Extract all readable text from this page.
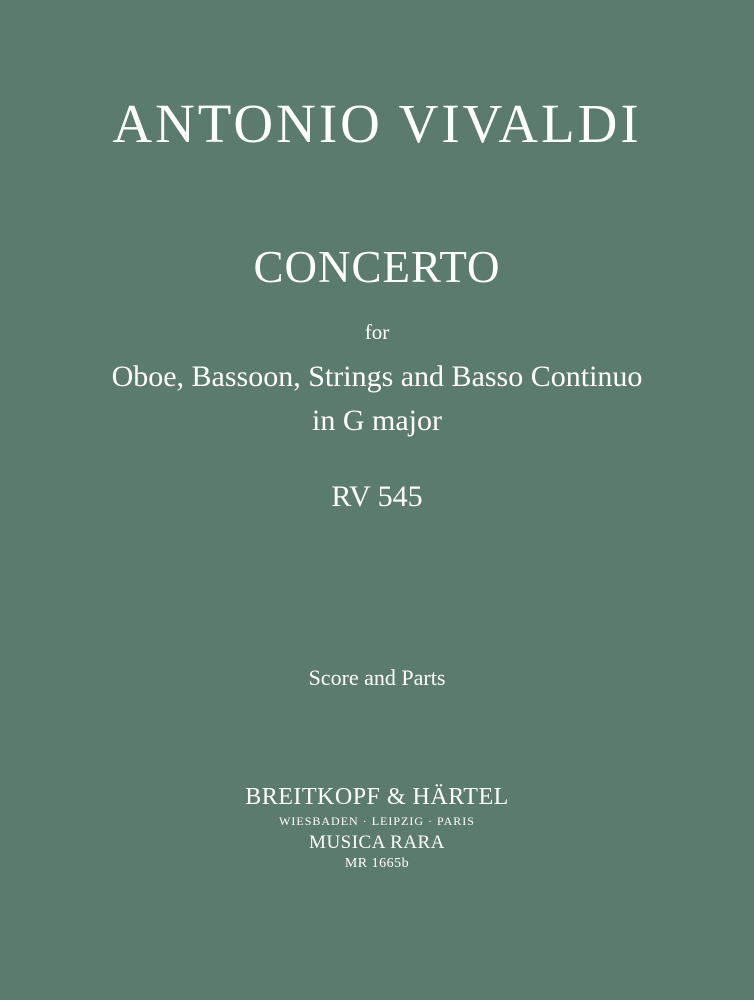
ANTONIO VIVALDI
CONCERTO
for
Oboe, Bassoon, Strings and Basso Continuo
in G major
RV 545
Score and Parts
BREITKOPF & HÄRTEL
WIESBADEN · LEIPZIG · PARIS
MUSICA RARA
MR 1665b
